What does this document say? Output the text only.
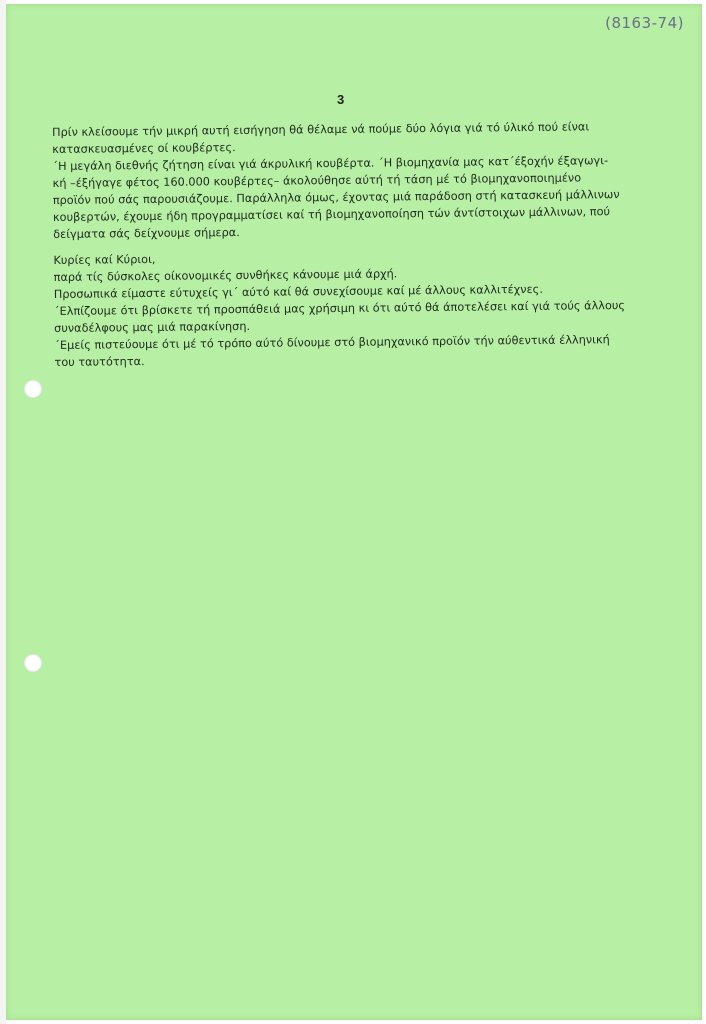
(8163-74)
3

Πρίν κλείσουμε τήν μικρή αυτή εισήγηση θά θέλαμε νά πούμε δύο λόγια γιά τό ύλικό πού είναι
κατασκευασμένες οί κουβέρτες.

΄Η μεγάλη διεθνής ζήτηση είναι γιά άκρυλική κουβέρτα. ΄Η βιομηχανία μας κατ΄έξοχήν έξαγωγι-
κή –έξήγαγε φέτος 160.000 κουβέρτες– άκολούθησε αύτή τή τάση μέ τό βιομηχανοποιημένο
προϊόν πού σάς παρουσιάζουμε. Παράλληλα όμως, έχοντας μιά παράδοση στή κατασκευή μάλλινων
κουβερτών, έχουμε ήδη προγραμματίσει καί τή βιομηχανοποίηση τών άντίστοιχων μάλλινων, πού
δείγματα σάς δείχνουμε σήμερα.

Κυρίες καί Κύριοι,
παρά τίς δύσκολες οίκονομικές συνθήκες κάνουμε μιά άρχή.
Προσωπικά είμαστε εύτυχείς γι΄ αύτό καί θά συνεχίσουμε καί μέ άλλους καλλιτέχνες.
΄Ελπίζουμε ότι βρίσκετε τή προσπάθειά μας χρήσιμη κι ότι αύτό θά άποτελέσει καί γιά τούς άλλους
συναδέλφους μας μιά παρακίνηση.
΄Εμείς πιστεύουμε ότι μέ τό τρόπο αύτό δίνουμε στό βιομηχανικό προϊόν τήν αύθεντικά έλληνική
του ταυτότητα.
